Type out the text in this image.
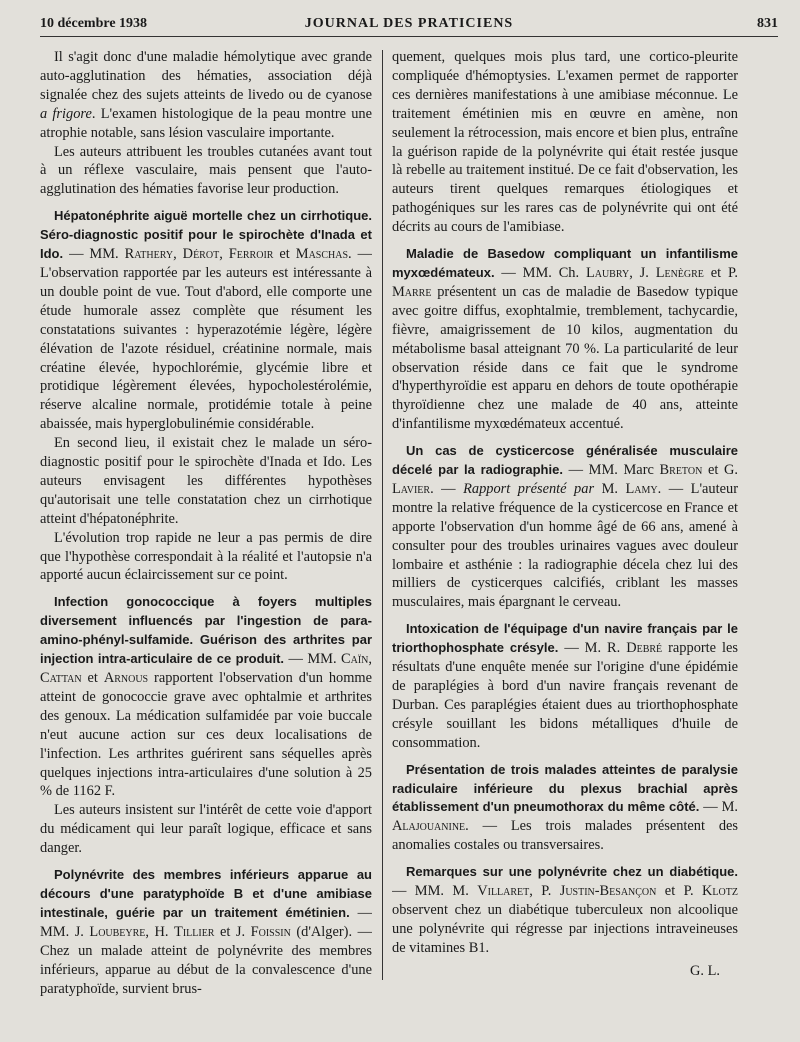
10 décembre 1938	JOURNAL DES PRATICIENS	831

Il s'agit donc d'une maladie hémolytique avec grande auto-agglutination des hématies, association déjà signalée chez des sujets atteints de livedo ou de cyanose a frigore. L'examen histologique de la peau montre une atrophie notable, sans lésion vasculaire importante.

Les auteurs attribuent les troubles cutanées avant tout à un réflexe vasculaire, mais pensent que l'auto-agglutination des hématies favorise leur production.

Hépatonéphrite aiguë mortelle chez un cirrhotique. Séro-diagnostic positif pour le spirochète d'Inada et Ido. — MM. Rathery, Dérot, Ferroir et Maschas. — L'observation rapportée par les auteurs est intéressante à un double point de vue. Tout d'abord, elle comporte une étude humorale assez complète que résument les constatations suivantes : hyperazotémie légère, légère élévation de l'azote résiduel, créatinine normale, mais créatine élevée, hypochlorémie, glycémie libre et protidique légèrement élevées, hypocholestérolémie, réserve alcaline normale, protidémie totale à peine abaissée, mais hyperglobulinémie considérable.

En second lieu, il existait chez le malade un séro-diagnostic positif pour le spirochète d'Inada et Ido. Les auteurs envisagent les différentes hypothèses qu'autorisait une telle constatation chez un cirrhotique atteint d'hépatonéphrite.

L'évolution trop rapide ne leur a pas permis de dire que l'hypothèse correspondait à la réalité et l'autopsie n'a apporté aucun éclaircissement sur ce point.

Infection gonococcique à foyers multiples diversement influencés par l'ingestion de para-amino-phényl-sulfamide. Guérison des arthrites par injection intra-articulaire de ce produit. — MM. Caïn, Cattan et Arnous rapportent l'observation d'un homme atteint de gonococcie grave avec ophtalmie et arthrites des genoux. La médication sulfamidée par voie buccale n'eut aucune action sur ces deux localisations de l'infection. Les arthrites guérirent sans séquelles après quelques injections intra-articulaires d'une solution à 25 % de 1162 F.

Les auteurs insistent sur l'intérêt de cette voie d'apport du médicament qui leur paraît logique, efficace et sans danger.

Polynévrite des membres inférieurs apparue au décours d'une paratyphoïde B et d'une amibiase intestinale, guérie par un traitement émétinien. — MM. J. Loubeyre, H. Tillier et J. Foissin (d'Alger). — Chez un malade atteint de polynévrite des membres inférieurs, apparue au début de la convalescence d'une paratyphoïde, survient brus-

quement, quelques mois plus tard, une cortico-pleurite compliquée d'hémoptysies. L'examen permet de rapporter ces dernières manifestations à une amibiase méconnue. Le traitement émétinien mis en œuvre en amène, non seulement la rétrocession, mais encore et bien plus, entraîne la guérison rapide de la polynévrite qui était restée jusque là rebelle au traitement institué. De ce fait d'observation, les auteurs tirent quelques remarques étiologiques et pathogéniques sur les rares cas de polynévrite qui ont été décrits au cours de l'amibiase.

Maladie de Basedow compliquant un infantilisme myxœdémateux. — MM. Ch. Laubry, J. Lenègre et P. Marre présentent un cas de maladie de Basedow typique avec goitre diffus, exophtalmie, tremblement, tachycardie, fièvre, amaigrissement de 10 kilos, augmentation du métabolisme basal atteignant 70 %. La particularité de leur observation réside dans ce fait que le syndrome d'hyperthyroïdie est apparu en dehors de toute opothérapie thyroïdienne chez une malade de 40 ans, atteinte d'infantilisme myxœdémateux accentué.

Un cas de cysticercose généralisée musculaire décelé par la radiographie. — MM. Marc Breton et G. Lavier. — Rapport présenté par M. Lamy. — L'auteur montre la relative fréquence de la cysticercose en France et apporte l'observation d'un homme âgé de 66 ans, amené à consulter pour des troubles urinaires vagues avec douleur lombaire et asthénie : la radiographie décela chez lui des milliers de cysticerques calcifiés, criblant les masses musculaires, mais épargnant le cerveau.

Intoxication de l'équipage d'un navire français par le triorthophosphate crésyle. — M. R. Debré rapporte les résultats d'une enquête menée sur l'origine d'une épidémie de paraplégies à bord d'un navire français revenant de Durban. Ces paraplégies étaient dues au triorthophosphate crésyle souillant les bidons métalliques d'huile de consommation.

Présentation de trois malades atteintes de paralysie radiculaire inférieure du plexus brachial après établissement d'un pneumothorax du même côté. — M. Alajouanine. — Les trois malades présentent des anomalies costales ou transversaires.

Remarques sur une polynévrite chez un diabétique. — MM. M. Villaret, P. Justin-Besançon et P. Klotz observent chez un diabétique tuberculeux non alcoolique une polynévrite qui régresse par injections intraveineuses de vitamines B1.

G. L.
